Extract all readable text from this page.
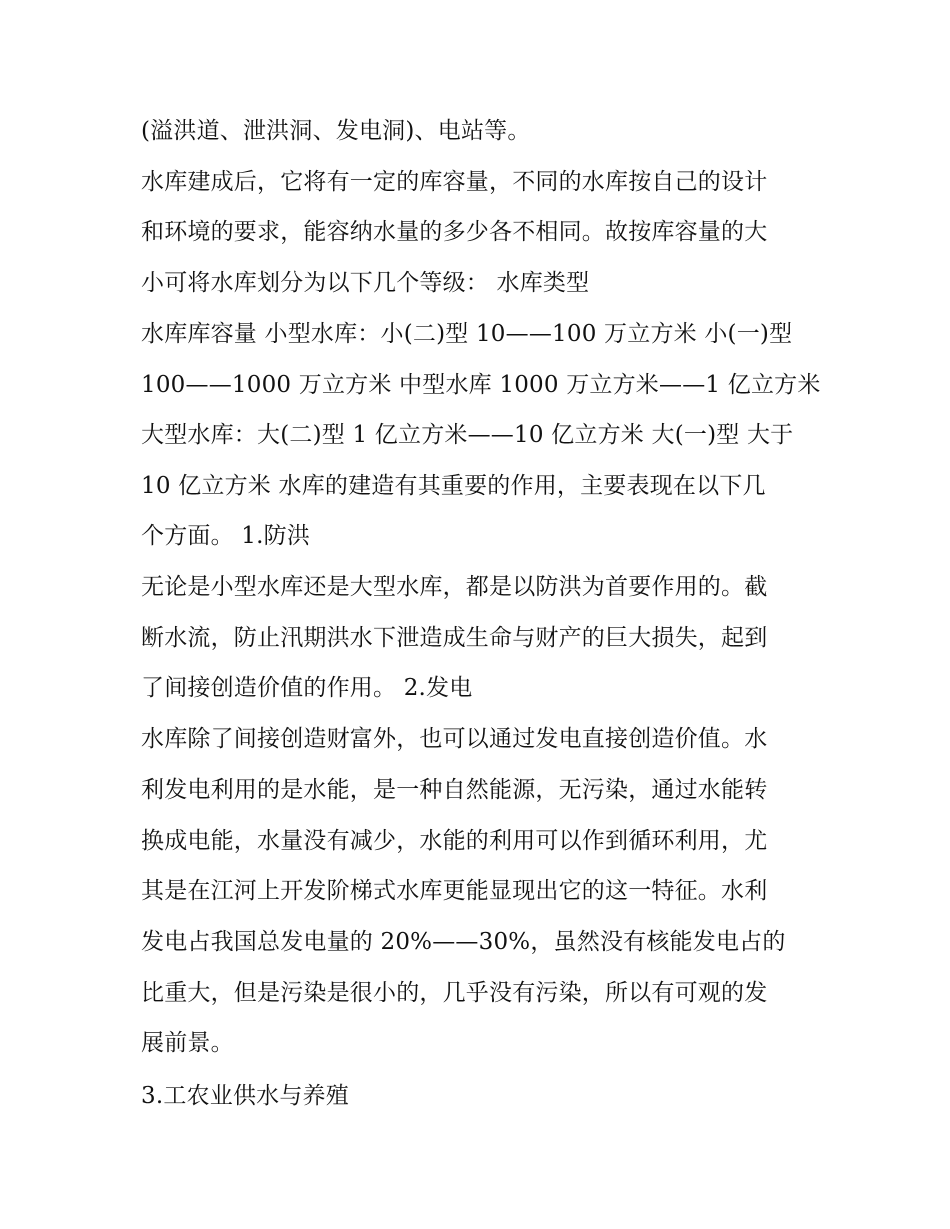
(溢洪道、泄洪洞、发电洞)、电站等。
水库建成后，它将有一定的库容量，不同的水库按自己的设计
和环境的要求，能容纳水量的多少各不相同。故按库容量的大
小可将水库划分为以下几个等级： 水库类型
水库库容量 小型水库：小(二)型 10——100 万立方米 小(一)型
100——1000 万立方米 中型水库 1000 万立方米——1 亿立方米
大型水库：大(二)型 1 亿立方米——10 亿立方米 大(一)型 大于
10 亿立方米 水库的建造有其重要的作用，主要表现在以下几
个方面。 1.防洪
无论是小型水库还是大型水库，都是以防洪为首要作用的。截
断水流，防止汛期洪水下泄造成生命与财产的巨大损失，起到
了间接创造价值的作用。 2.发电
水库除了间接创造财富外，也可以通过发电直接创造价值。水
利发电利用的是水能，是一种自然能源，无污染，通过水能转
换成电能，水量没有减少，水能的利用可以作到循环利用，尤
其是在江河上开发阶梯式水库更能显现出它的这一特征。水利
发电占我国总发电量的 20%——30%，虽然没有核能发电占的
比重大，但是污染是很小的，几乎没有污染，所以有可观的发
展前景。
3.工农业供水与养殖
